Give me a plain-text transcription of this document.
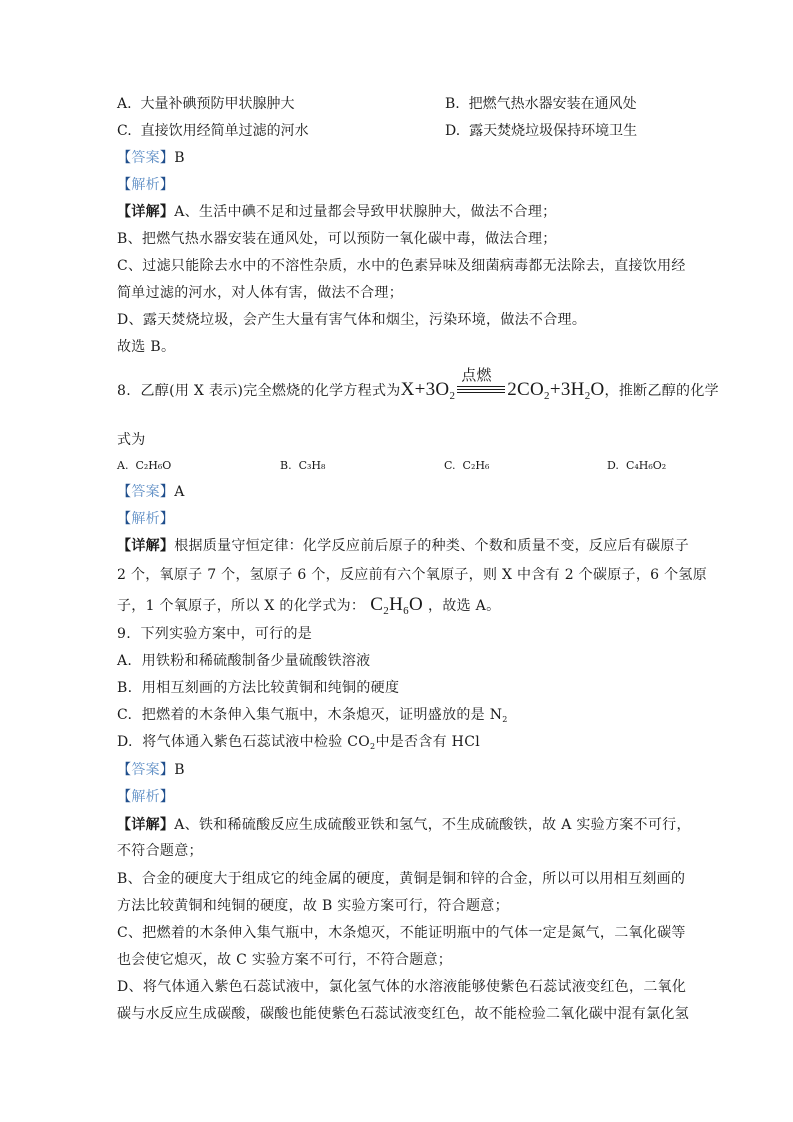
A. 大量补碘预防甲状腺肿大	B. 把燃气热水器安装在通风处
C. 直接饮用经简单过滤的河水	D. 露天焚烧垃圾保持环境卫生
【答案】B
【解析】
【详解】A、生活中碘不足和过量都会导致甲状腺肿大，做法不合理；
B、把燃气热水器安装在通风处，可以预防一氧化碳中毒，做法合理；
C、过滤只能除去水中的不溶性杂质，水中的色素异味及细菌病毒都无法除去，直接饮用经
简单过滤的河水，对人体有害，做法不合理；
D、露天焚烧垃圾，会产生大量有害气体和烟尘，污染环境，做法不合理。
故选 B。
8. 乙醇(用 X 表示)完全燃烧的化学方程式为$X+3O_2$
点燃
$2CO_2+3H_2O$，推断乙醇的化学
式为
A. C₂H₆O	B. C₃H₈	C. C₂H₆	D. C₄H₆O₂
【答案】A
【解析】
【详解】根据质量守恒定律：化学反应前后原子的种类、个数和质量不变，反应后有碳原子
2 个，氧原子 7 个，氢原子 6 个，反应前有六个氧原子，则 X 中含有 2 个碳原子，6 个氢原
子，1 个氧原子，所以 X 的化学式为： $C_2H_6O$ ，故选 A。
9. 下列实验方案中，可行的是
A. 用铁粉和稀硫酸制备少量硫酸铁溶液
B. 用相互刻画的方法比较黄铜和纯铜的硬度
C. 把燃着的木条伸入集气瓶中，木条熄灭，证明盛放的是 $N_2$
D. 将气体通入紫色石蕊试液中检验 $CO_2$中是否含有 HCl
【答案】B
【解析】
【详解】A、铁和稀硫酸反应生成硫酸亚铁和氢气，不生成硫酸铁，故 A 实验方案不可行，
不符合题意；
B、合金的硬度大于组成它的纯金属的硬度，黄铜是铜和锌的合金，所以可以用相互刻画的
方法比较黄铜和纯铜的硬度，故 B 实验方案可行，符合题意；
C、把燃着的木条伸入集气瓶中，木条熄灭，不能证明瓶中的气体一定是氮气，二氧化碳等
也会使它熄灭，故 C 实验方案不可行，不符合题意；
D、将气体通入紫色石蕊试液中，氯化氢气体的水溶液能够使紫色石蕊试液变红色，二氧化
碳与水反应生成碳酸，碳酸也能使紫色石蕊试液变红色，故不能检验二氧化碳中混有氯化氢
